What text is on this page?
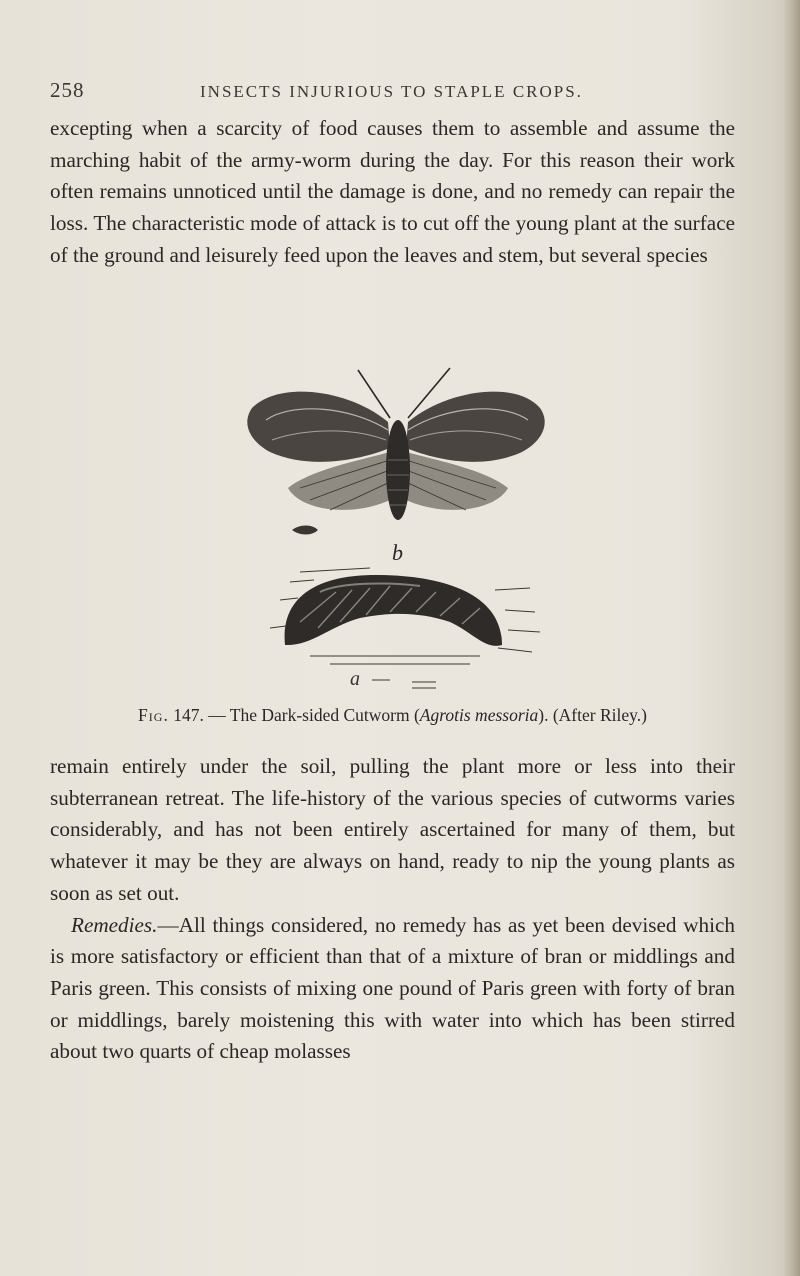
258	INSECTS INJURIOUS TO STAPLE CROPS.

excepting when a scarcity of food causes them to assemble and assume the marching habit of the army-worm during the day. For this reason their work often remains unnoticed until the damage is done, and no remedy can repair the loss. The characteristic mode of attack is to cut off the young plant at the surface of the ground and leisurely feed upon the leaves and stem, but several species

b
a
Fig. 147. — The Dark-sided Cutworm (Agrotis messoria). (After Riley.)

remain entirely under the soil, pulling the plant more or less into their subterranean retreat. The life-history of the various species of cutworms varies considerably, and has not been entirely ascertained for many of them, but whatever it may be they are always on hand, ready to nip the young plants as soon as set out.

Remedies.—All things considered, no remedy has as yet been devised which is more satisfactory or efficient than that of a mixture of bran or middlings and Paris green. This consists of mixing one pound of Paris green with forty of bran or middlings, barely moistening this with water into which has been stirred about two quarts of cheap molasses
